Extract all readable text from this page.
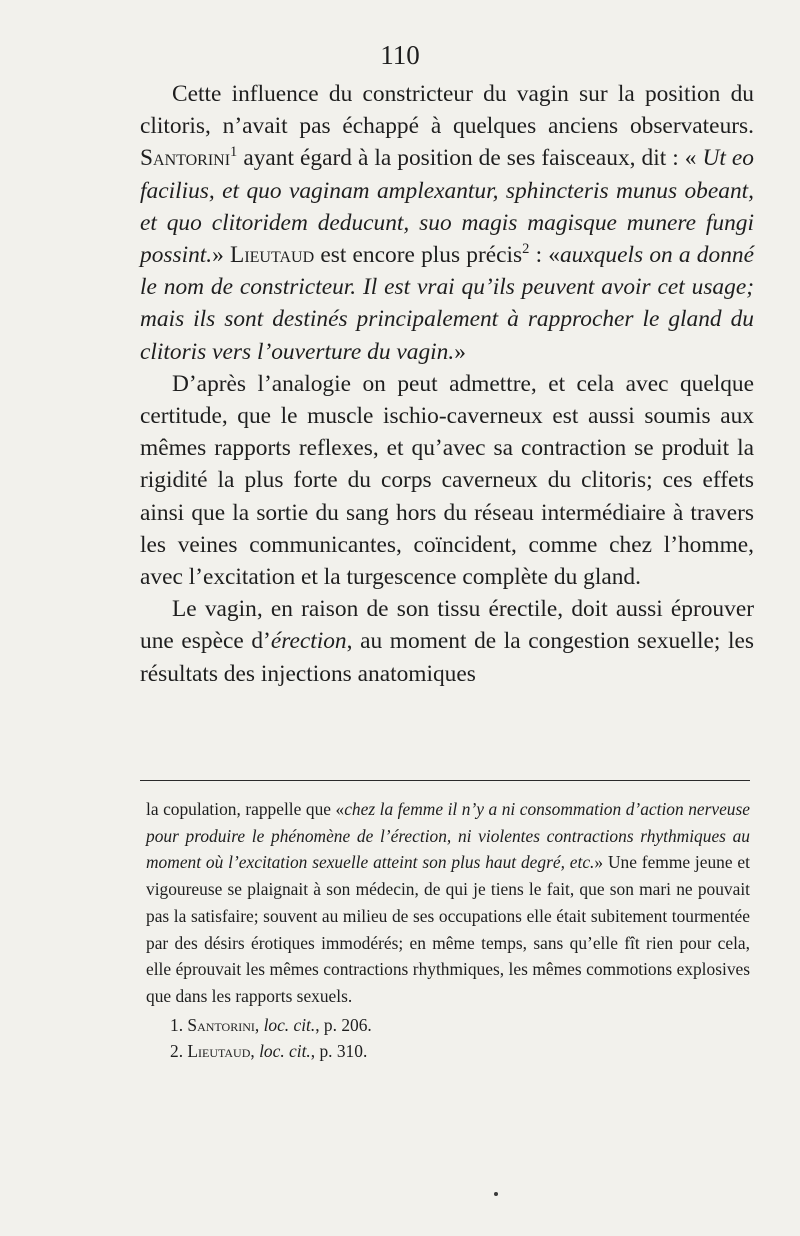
110

Cette influence du constricteur du vagin sur la position du clitoris, n’avait pas échappé à quelques anciens observateurs. Santorini$^1$ ayant égard à la position de ses faisceaux, dit : « Ut eo facilius, et quo vaginam amplexantur, sphincteris munus obeant, et quo clitoridem deducunt, suo magis magisque munere fungi possint.» Lieutaud est encore plus précis$^2$ : «auxquels on a donné le nom de constricteur. Il est vrai qu’ils peuvent avoir cet usage; mais ils sont destinés principalement à rapprocher le gland du clitoris vers l’ouverture du vagin.»

D’après l’analogie on peut admettre, et cela avec quelque certitude, que le muscle ischio-caverneux est aussi soumis aux mêmes rapports reflexes, et qu’avec sa contraction se produit la rigidité la plus forte du corps caverneux du clitoris; ces effets ainsi que la sortie du sang hors du réseau intermédiaire à travers les veines communicantes, coïncident, comme chez l’homme, avec l’excitation et la turgescence complète du gland.

Le vagin, en raison de son tissu érectile, doit aussi éprouver une espèce d’érection, au moment de la congestion sexuelle; les résultats des injections anatomiques

la copulation, rappelle que «chez la femme il n’y a ni consommation d’action nerveuse pour produire le phénomène de l’érection, ni violentes contractions rhythmiques au moment où l’excitation sexuelle atteint son plus haut degré, etc.» Une femme jeune et vigoureuse se plaignait à son médecin, de qui je tiens le fait, que son mari ne pouvait pas la satisfaire; souvent au milieu de ses occupations elle était subitement tourmentée par des désirs érotiques immodérés; en même temps, sans qu’elle fît rien pour cela, elle éprouvait les mêmes contractions rhythmiques, les mêmes commotions explosives que dans les rapports sexuels.

1. Santorini, loc. cit., p. 206.

2. Lieutaud, loc. cit., p. 310.
